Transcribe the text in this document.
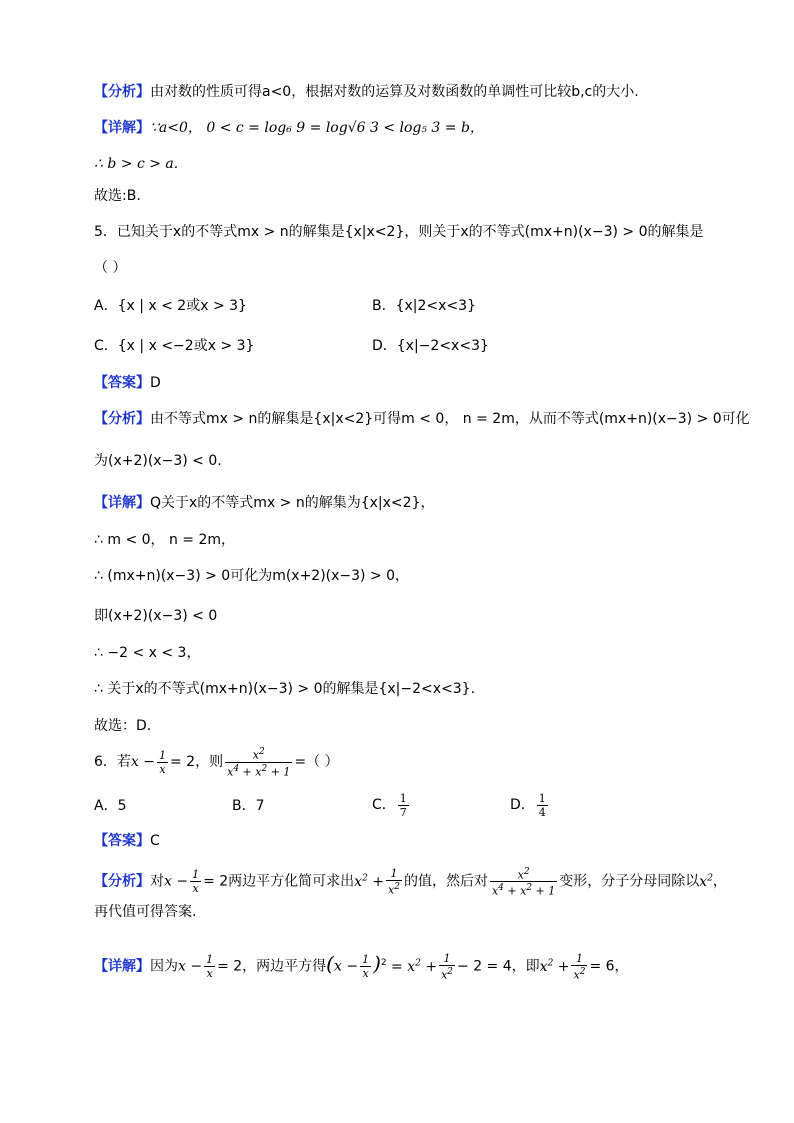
【分析】由对数的性质可得a<0，根据对数的运算及对数函数的单调性可比较b,c的大小.
【详解】∵a<0， 0 < c = log₆ 9 = log√6 3 < log₅ 3 = b，
∴ b > c > a.
故选:B.
5．已知关于x的不等式mx > n的解集是{x|x<2}，则关于x的不等式(mx+n)(x−3) > 0的解集是
（ ）
A．{x | x < 2或x > 3}	B．{x|2<x<3}
C．{x | x <−2或x > 3}	D．{x|−2<x<3}
【答案】D
【分析】由不等式mx > n的解集是{x|x<2}可得m < 0， n = 2m，从而不等式(mx+n)(x−3) > 0可化
为(x+2)(x−3) < 0.
【详解】Q关于x的不等式mx > n的解集为{x|x<2}，
∴ m < 0， n = 2m，
∴ (mx+n)(x−3) > 0可化为m(x+2)(x−3) > 0，
即(x+2)(x−3) < 0
∴ −2 < x < 3，
∴ 关于x的不等式(mx+n)(x−3) > 0的解集是{x|−2<x<3}.
故选：D.
6．若$x - \frac{1}{x} = 2$，则 $\frac{x^2}{x^4 + x^2 + 1}$ =（ ）
A．5	B．7	C． $\frac{1}{7}$	D． $\frac{1}{4}$
【答案】C
【分析】对$x - \frac{1}{x} = 2$两边平方化简可求出$x^2 + \frac{1}{x^2}$ 的值，然后对 $\frac{x^2}{x^4 + x^2 + 1}$ 变形，分子分母同除以$x^2$，
再代值可得答案.
【详解】因为$x - \frac{1}{x} = 2$，两边平方得$(x - \frac{1}{x} )^2 = x^2 + \frac{1}{x^2} - 2 = 4$，即$x^2 + \frac{1}{x^2} = 6$，
